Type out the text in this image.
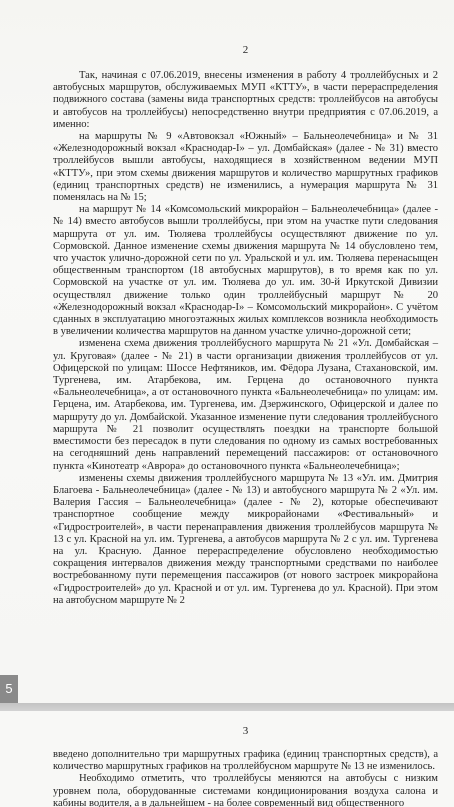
2

Так, начиная с 07.06.2019, внесены изменения в работу 4 троллейбусных и 2 автобусных маршрутов, обслуживаемых МУП «КТТУ», в части перераспределения подвижного состава (замены вида транспортных средств: троллейбусов на автобусы и автобусов на троллейбусы) непосредственно внутри предприятия с 07.06.2019, а именно:

на маршруты № 9 «Автовокзал «Южный» – Бальнеолечебница» и № 31 «Железнодорожный вокзал «Краснодар-I» – ул. Домбайская» (далее - № 31) вместо троллейбусов вышли автобусы, находящиеся в хозяйственном ведении МУП «КТТУ», при этом схемы движения маршрутов и количество маршрутных графиков (единиц транспортных средств) не изменились, а нумерация маршрута № 31 поменялась на № 15;

на маршрут № 14 «Комсомольский микрорайон – Бальнеолечебница» (далее - № 14) вместо автобусов вышли троллейбусы, при этом на участке пути следования маршрута от ул. им. Тюляева троллейбусы осуществляют движение по ул. Сормовской. Данное изменение схемы движения маршрута № 14 обусловлено тем, что участок улично-дорожной сети по ул. Уральской и ул. им. Тюляева перенасыщен общественным транспортом (18 автобусных маршрутов), в то время как по ул. Сормовской на участке от ул. им. Тюляева до ул. им. 30-й Иркутской Дивизии осуществлял движение только один троллейбусный маршрут № 20 «Железнодорожный вокзал «Краснодар-I» – Комсомольский микрорайон». С учётом сданных в эксплуатацию многоэтажных жилых комплексов возникла необходимость в увеличении количества маршрутов на данном участке улично-дорожной сети;

изменена схема движения троллейбусного маршрута № 21 «Ул. Домбайская – ул. Круговая» (далее - № 21) в части организации движения троллейбусов от ул. Офицерской по улицам: Шоссе Нефтяников, им. Фёдора Лузана, Стахановской, им. Тургенева, им. Атарбекова, им. Герцена до остановочного пункта «Бальнеолечебница», а от остановочного пункта «Бальнеолечебница» по улицам: им. Герцена, им. Атарбекова, им. Тургенева, им. Дзержинского, Офицерской и далее по маршруту до ул. Домбайской. Указанное изменение пути следования троллейбусного маршрута № 21 позволит осуществлять поездки на транспорте большой вместимости без пересадок в пути следования по одному из самых востребованных на сегодняшний день направлений перемещений пассажиров: от остановочного пункта «Кинотеатр «Аврора» до остановочного пункта «Бальнеолечебница»;

изменены схемы движения троллейбусного маршрута № 13 «Ул. им. Дмитрия Благоева - Бальнеолечебница» (далее - № 13) и автобусного маршрута № 2 «Ул. им. Валерия Гассия – Бальнеолечебница» (далее - № 2), которые обеспечивают транспортное сообщение между микрорайонами «Фестивальный» и «Гидростроителей», в части перенаправления движения троллейбусов маршрута № 13 с ул. Красной на ул. им. Тургенева, а автобусов маршрута № 2 с ул. им. Тургенева на ул. Красную. Данное перераспределение обусловлено необходимостью сокращения интервалов движения между транспортными средствами по наиболее востребованному пути перемещения пассажиров (от нового застроек микрорайона «Гидростроителей» до ул. Красной и от ул. им. Тургенева до ул. Красной). При этом на автобусном маршруте № 2

5
3

введено дополнительно три маршрутных графика (единиц транспортных средств), а количество маршрутных графиков на троллейбусном маршруте № 13 не изменилось.

Необходимо отметить, что троллейбусы меняются на автобусы с низким уровнем пола, оборудованные системами кондиционирования воздуха салона и кабины водителя, а в дальнейшем - на более современный вид общественного
